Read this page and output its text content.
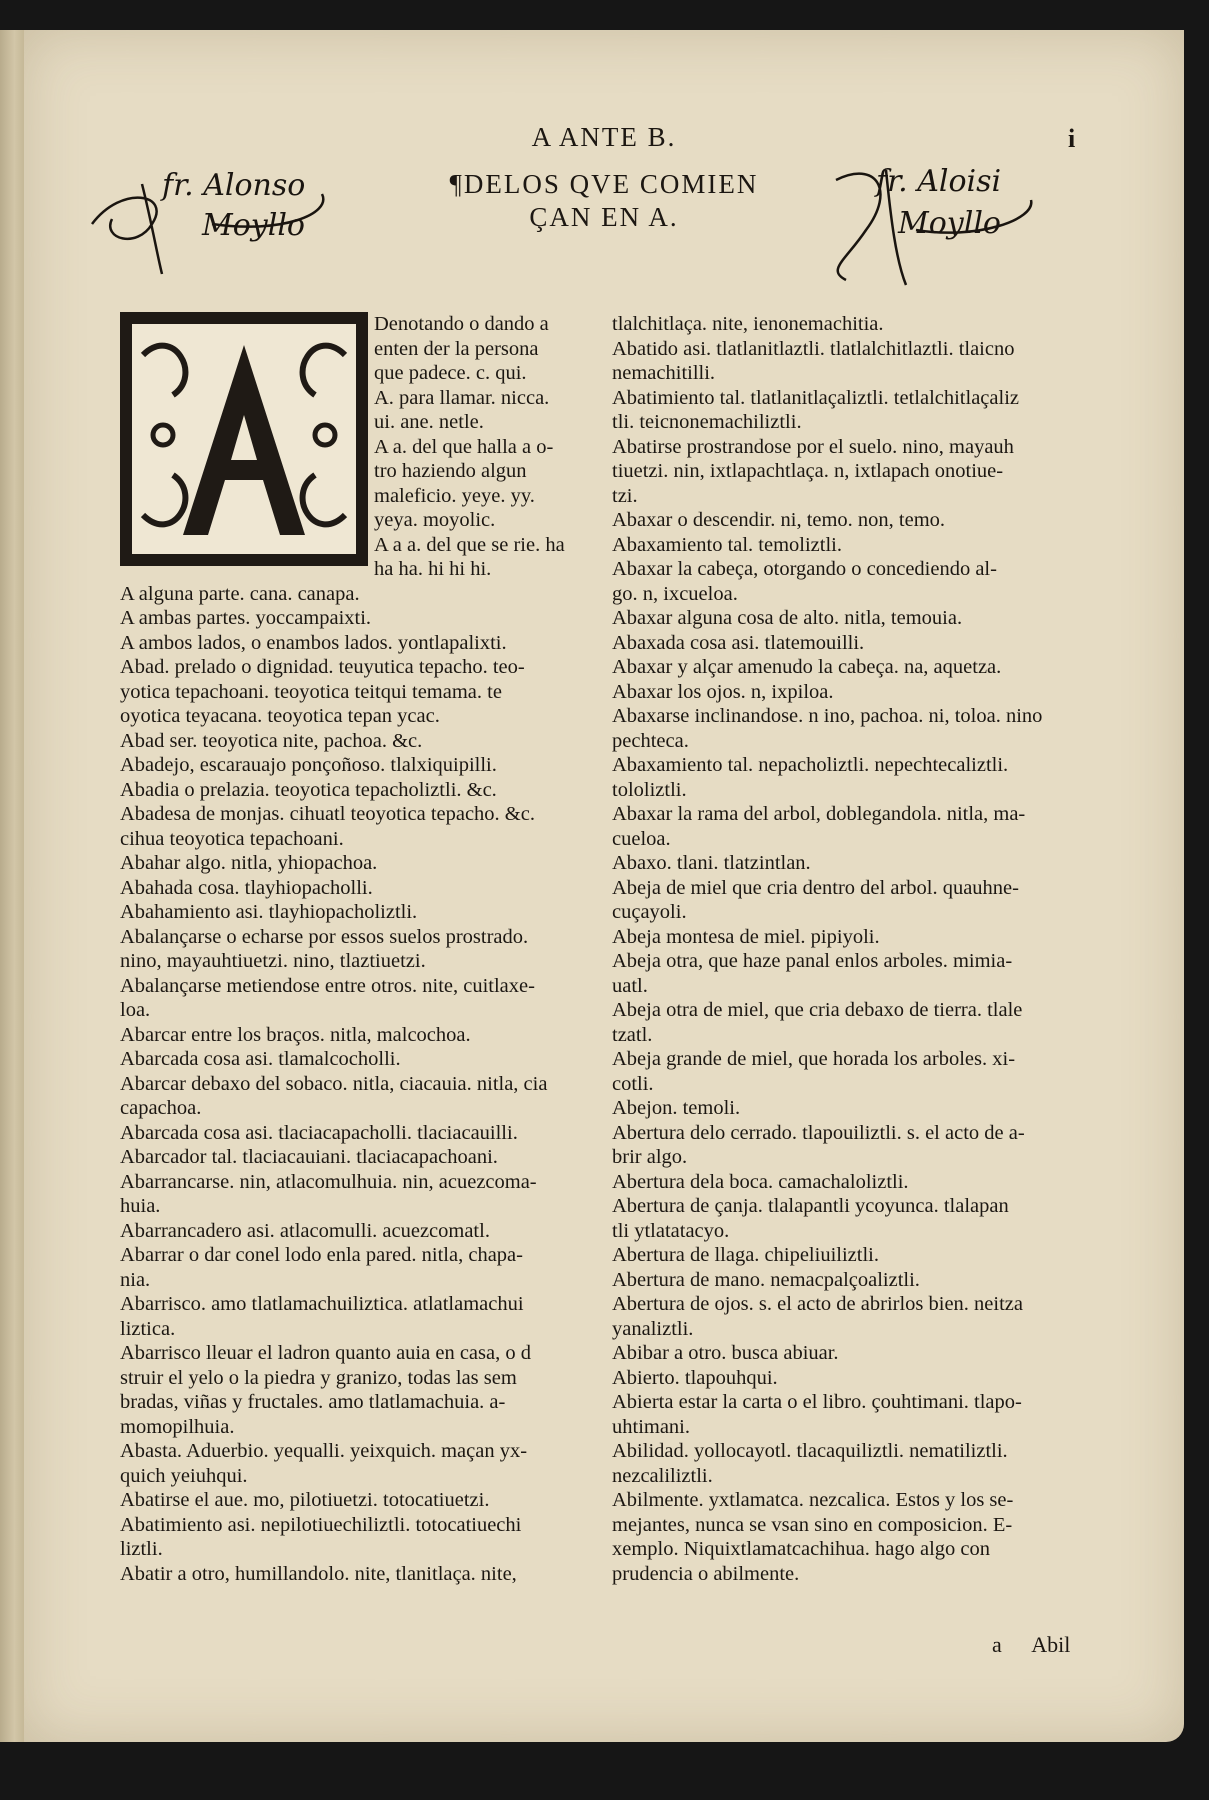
A ANTE B.	i
¶DELOS QVE COMIEN
ÇAN EN A.
fr. Alonso
Moyllo
fr. Aloisi
Moyllo

Denotando o dando a

enten der la persona

que padece. c. qui.

A. para llamar. nicca.

ui. ane. netle.

A a. del que halla a o-

tro haziendo algun

maleficio. yeye. yy.

yeya. moyolic.

A a a. del que se rie. ha

ha ha. hi hi hi.

A alguna parte. cana. canapa.

A ambas partes. yoccampaixti.

A ambos lados, o enambos lados. yontlapalixti.

Abad. prelado o dignidad. teuyutica tepacho. teo-

yotica tepachoani. teoyotica teitqui temama. te

oyotica teyacana. teoyotica tepan ycac.

Abad ser. teoyotica nite, pachoa. &c.

Abadejo, escarauajo ponçoñoso. tlalxiquipilli.

Abadia o prelazia. teoyotica tepacholiztli. &c.

Abadesa de monjas. cihuatl teoyotica tepacho. &c.

cihua teoyotica tepachoani.

Abahar algo. nitla, yhiopachoa.

Abahada cosa. tlayhiopacholli.

Abahamiento asi. tlayhiopacholiztli.

Abalançarse o echarse por essos suelos prostrado.

nino, mayauhtiuetzi. nino, tlaztiuetzi.

Abalançarse metiendose entre otros. nite, cuitlaxe-

loa.

Abarcar entre los braços. nitla, malcochoa.

Abarcada cosa asi. tlamalcocholli.

Abarcar debaxo del sobaco. nitla, ciacauia. nitla, cia

capachoa.

Abarcada cosa asi. tlaciacapacholli. tlaciacauilli.

Abarcador tal. tlaciacauiani. tlaciacapachoani.

Abarrancarse. nin, atlacomulhuia. nin, acuezcoma-

huia.

Abarrancadero asi. atlacomulli. acuezcomatl.

Abarrar o dar conel lodo enla pared. nitla, chapa-

nia.

Abarrisco. amo tlatlamachuiliztica. atlatlamachui

liztica.

Abarrisco lleuar el ladron quanto auia en casa, o d

struir el yelo o la piedra y granizo, todas las sem

bradas, viñas y fructales. amo tlatlamachuia. a-

momopilhuia.

Abasta. Aduerbio. yequalli. yeixquich. maçan yx-

quich yeiuhqui.

Abatirse el aue. mo, pilotiuetzi. totocatiuetzi.

Abatimiento asi. nepilotiuechiliztli. totocatiuechi

liztli.

Abatir a otro, humillandolo. nite, tlanitlaça. nite,

tlalchitlaça. nite, ienonemachitia.

Abatido asi. tlatlanitlaztli. tlatlalchitlaztli. tlaicno

nemachitilli.

Abatimiento tal. tlatlanitlaçaliztli. tetlalchitlaçaliz

tli. teicnonemachiliztli.

Abatirse prostrandose por el suelo. nino, mayauh

tiuetzi. nin, ixtlapachtlaça. n, ixtlapach onotiue-

tzi.

Abaxar o descendir. ni, temo. non, temo.

Abaxamiento tal. temoliztli.

Abaxar la cabeça, otorgando o concediendo al-

go. n, ixcueloa.

Abaxar alguna cosa de alto. nitla, temouia.

Abaxada cosa asi. tlatemouilli.

Abaxar y alçar amenudo la cabeça. na, aquetza.

Abaxar los ojos. n, ixpiloa.

Abaxarse inclinandose. n ino, pachoa. ni, toloa. nino

pechteca.

Abaxamiento tal. nepacholiztli. nepechtecaliztli.

tololiztli.

Abaxar la rama del arbol, doblegandola. nitla, ma-

cueloa.

Abaxo. tlani. tlatzintlan.

Abeja de miel que cria dentro del arbol. quauhne-

cuçayoli.

Abeja montesa de miel. pipiyoli.

Abeja otra, que haze panal enlos arboles. mimia-

uatl.

Abeja otra de miel, que cria debaxo de tierra. tlale

tzatl.

Abeja grande de miel, que horada los arboles. xi-

cotli.

Abejon. temoli.

Abertura delo cerrado. tlapouiliztli. s. el acto de a-

brir algo.

Abertura dela boca. camachaloliztli.

Abertura de çanja. tlalapantli ycoyunca. tlalapan

tli ytlatatacyo.

Abertura de llaga. chipeliuiliztli.

Abertura de mano. nemacpalçoaliztli.

Abertura de ojos. s. el acto de abrirlos bien. neitza

yanaliztli.

Abibar a otro. busca abiuar.

Abierto. tlapouhqui.

Abierta estar la carta o el libro. çouhtimani. tlapo-

uhtimani.

Abilidad. yollocayotl. tlacaquiliztli. nematiliztli.

nezcaliliztli.

Abilmente. yxtlamatca. nezcalica. Estos y los se-

mejantes, nunca se vsan sino en composicion. E-

xemplo. Niquixtlamatcachihua. hago algo con

prudencia o abilmente.

a Abil
